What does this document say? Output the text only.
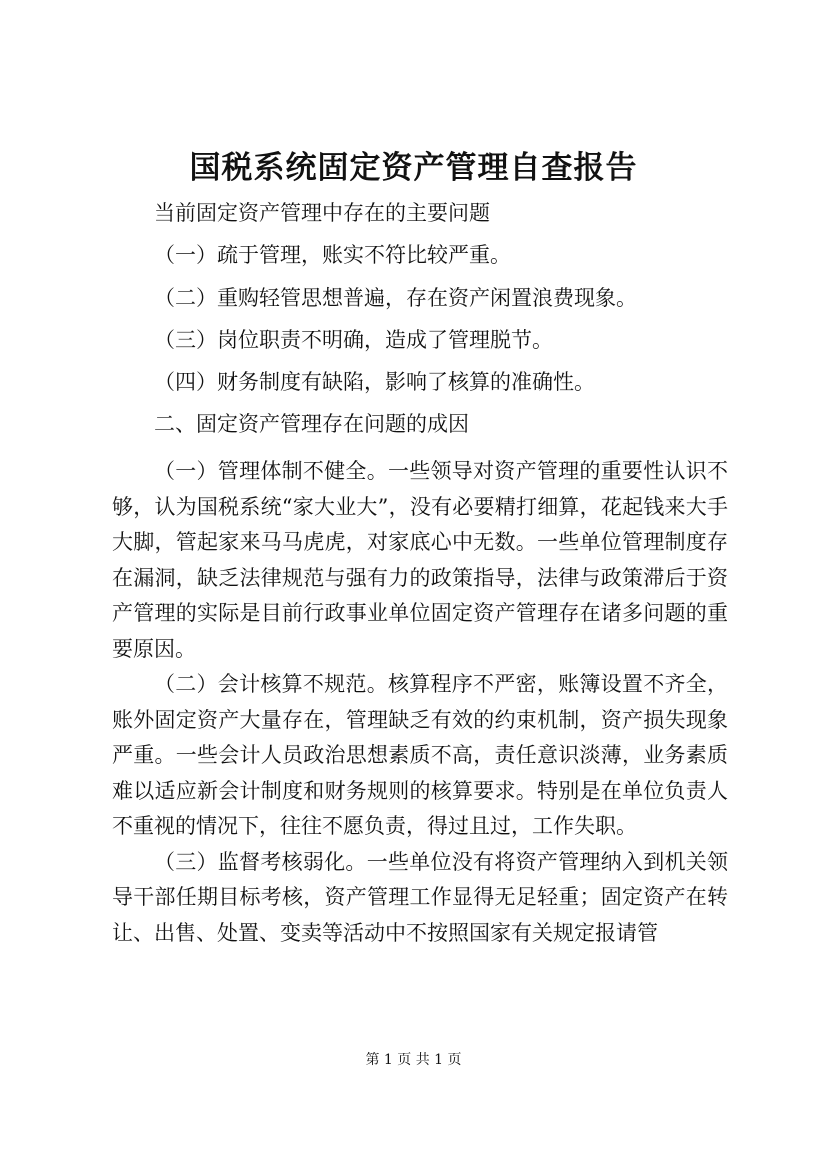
国税系统固定资产管理自查报告
当前固定资产管理中存在的主要问题
（一）疏于管理，账实不符比较严重。
（二）重购轻管思想普遍，存在资产闲置浪费现象。
（三）岗位职责不明确，造成了管理脱节。
（四）财务制度有缺陷，影响了核算的准确性。
二、固定资产管理存在问题的成因

（一）管理体制不健全。一些领导对资产管理的重要性认识不够，认为国税系统“家大业大”，没有必要精打细算，花起钱来大手大脚，管起家来马马虎虎，对家底心中无数。一些单位管理制度存在漏洞，缺乏法律规范与强有力的政策指导，法律与政策滞后于资产管理的实际是目前行政事业单位固定资产管理存在诸多问题的重要原因。

（二）会计核算不规范。核算程序不严密，账簿设置不齐全，账外固定资产大量存在，管理缺乏有效的约束机制，资产损失现象严重。一些会计人员政治思想素质不高，责任意识淡薄，业务素质难以适应新会计制度和财务规则的核算要求。特别是在单位负责人不重视的情况下，往往不愿负责，得过且过，工作失职。

（三）监督考核弱化。一些单位没有将资产管理纳入到机关领导干部任期目标考核，资产管理工作显得无足轻重；固定资产在转让、出售、处置、变卖等活动中不按照国家有关规定报请管

第 1 页 共 1 页
